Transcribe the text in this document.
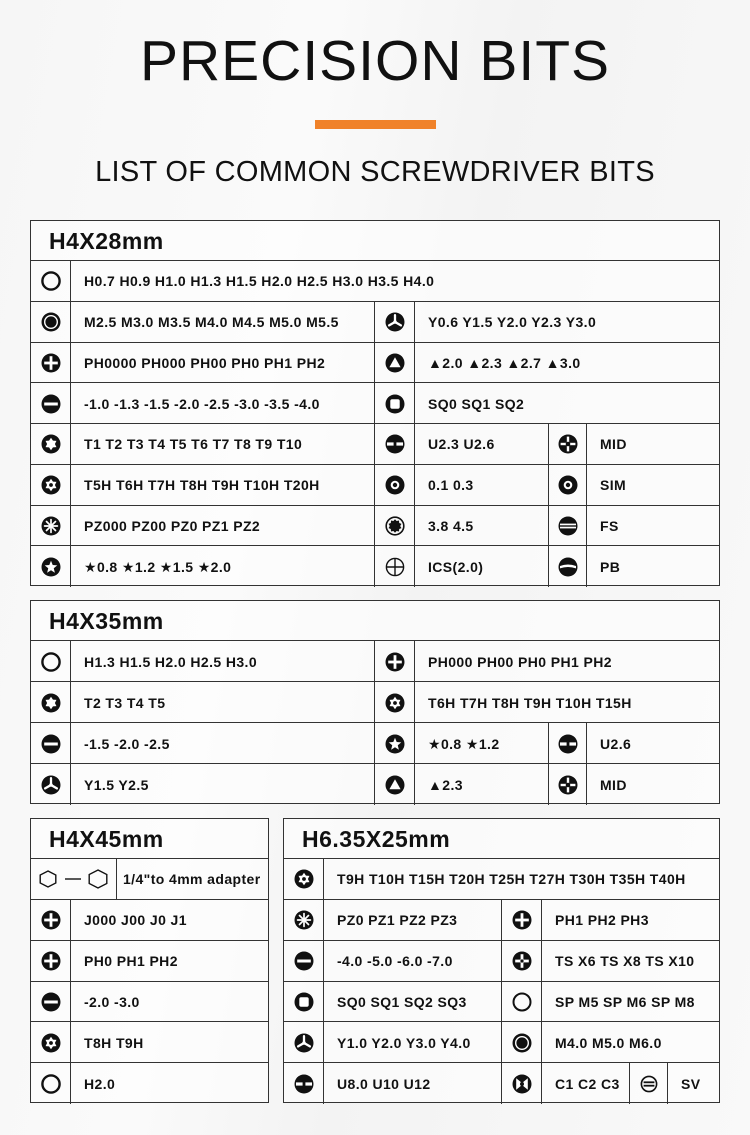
PRECISION BITS
LIST OF COMMON SCREWDRIVER BITS
H4X28mm
H0.7 H0.9 H1.0 H1.3 H1.5 H2.0 H2.5 H3.0 H3.5 H4.0
M2.5 M3.0 M3.5 M4.0 M4.5 M5.0 M5.5	Y0.6 Y1.5 Y2.0 Y2.3 Y3.0
PH0000 PH000 PH00 PH0 PH1 PH2	▲2.0 ▲2.3 ▲2.7 ▲3.0
-1.0 -1.3 -1.5 -2.0 -2.5 -3.0 -3.5 -4.0	SQ0 SQ1 SQ2
T1 T2 T3 T4 T5 T6 T7 T8 T9 T10	U2.3 U2.6	MID
T5H T6H T7H T8H T9H T10H T20H	0.1 0.3	SIM
PZ000 PZ00 PZ0 PZ1 PZ2	3.8 4.5	FS
★0.8 ★1.2 ★1.5 ★2.0	ICS(2.0)	PB
H4X35mm
H1.3 H1.5 H2.0 H2.5 H3.0	PH000 PH00 PH0 PH1 PH2
T2 T3 T4 T5	T6H T7H T8H T9H T10H T15H
-1.5 -2.0 -2.5	★0.8 ★1.2	U2.6
Y1.5 Y2.5	▲2.3	MID
H4X45mm
1/4"to 4mm adapter
J000 J00 J0 J1
PH0 PH1 PH2
-2.0 -3.0
T8H T9H
H2.0
H6.35X25mm
T9H T10H T15H T20H T25H T27H T30H T35H T40H
PZ0 PZ1 PZ2 PZ3	PH1 PH2 PH3
-4.0 -5.0 -6.0 -7.0	TS X6 TS X8 TS X10
SQ0 SQ1 SQ2 SQ3	SP M5 SP M6 SP M8
Y1.0 Y2.0 Y3.0 Y4.0	M4.0 M5.0 M6.0
U8.0 U10 U12	C1 C2 C3	SV
